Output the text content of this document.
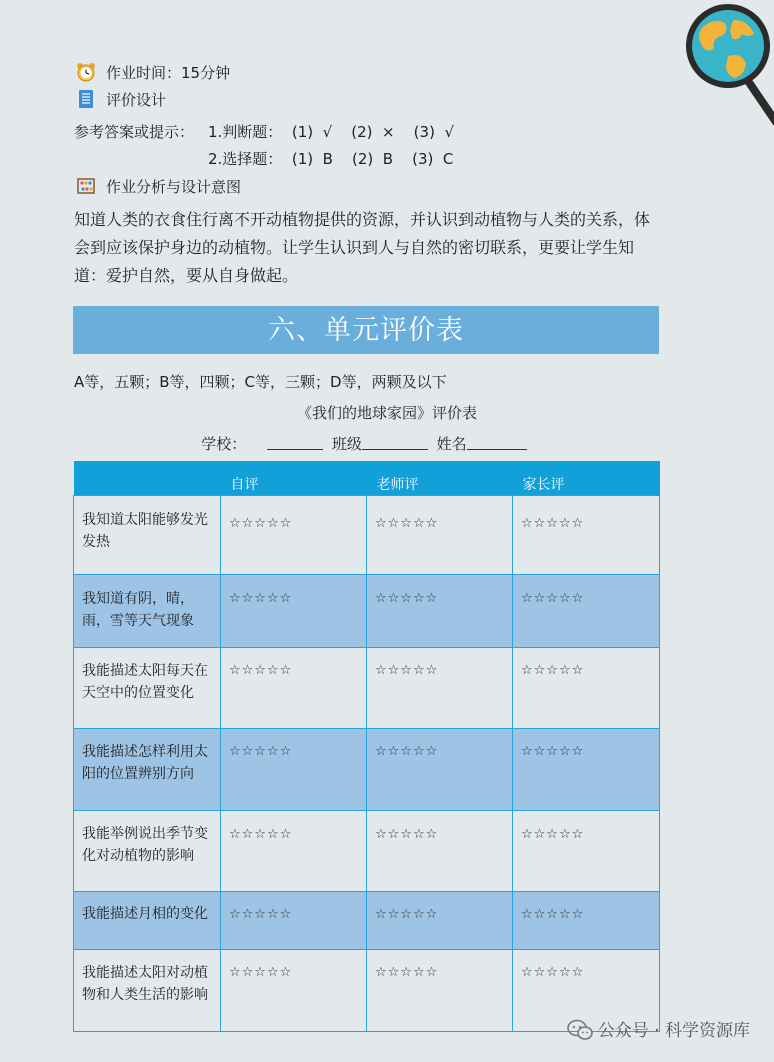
作业时间：15分钟
评价设计
参考答案或提示： 1.判断题：  (1)  √    (2)  ×    (3)  √
2.选择题：  (1)  B    (2)  B    (3)  C
作业分析与设计意图
知道人类的衣食住行离不开动植物提供的资源，并认识到动植物与人类的关系，体会到应该保护身边的动植物。让学生认识到人与自然的密切联系，更要让学生知道：爱护自然，要从自身做起。
六、单元评价表
A等，五颗；B等，四颗；C等，三颗；D等，两颗及以下
《我们的地球家园》评价表
学校：	班级	姓名
	自评	老师评	家长评
我知道太阳能够发光发热	☆☆☆☆☆	☆☆☆☆☆	☆☆☆☆☆
我知道有阴，晴，雨，雪等天气现象	☆☆☆☆☆	☆☆☆☆☆	☆☆☆☆☆
我能描述太阳每天在天空中的位置变化	☆☆☆☆☆	☆☆☆☆☆	☆☆☆☆☆
我能描述怎样利用太阳的位置辨别方向	☆☆☆☆☆	☆☆☆☆☆	☆☆☆☆☆
我能举例说出季节变化对动植物的影响	☆☆☆☆☆	☆☆☆☆☆	☆☆☆☆☆
我能描述月相的变化	☆☆☆☆☆	☆☆☆☆☆	☆☆☆☆☆
我能描述太阳对动植物和人类生活的影响	☆☆☆☆☆	☆☆☆☆☆	☆☆☆☆☆
公众号 · 科学资源库
